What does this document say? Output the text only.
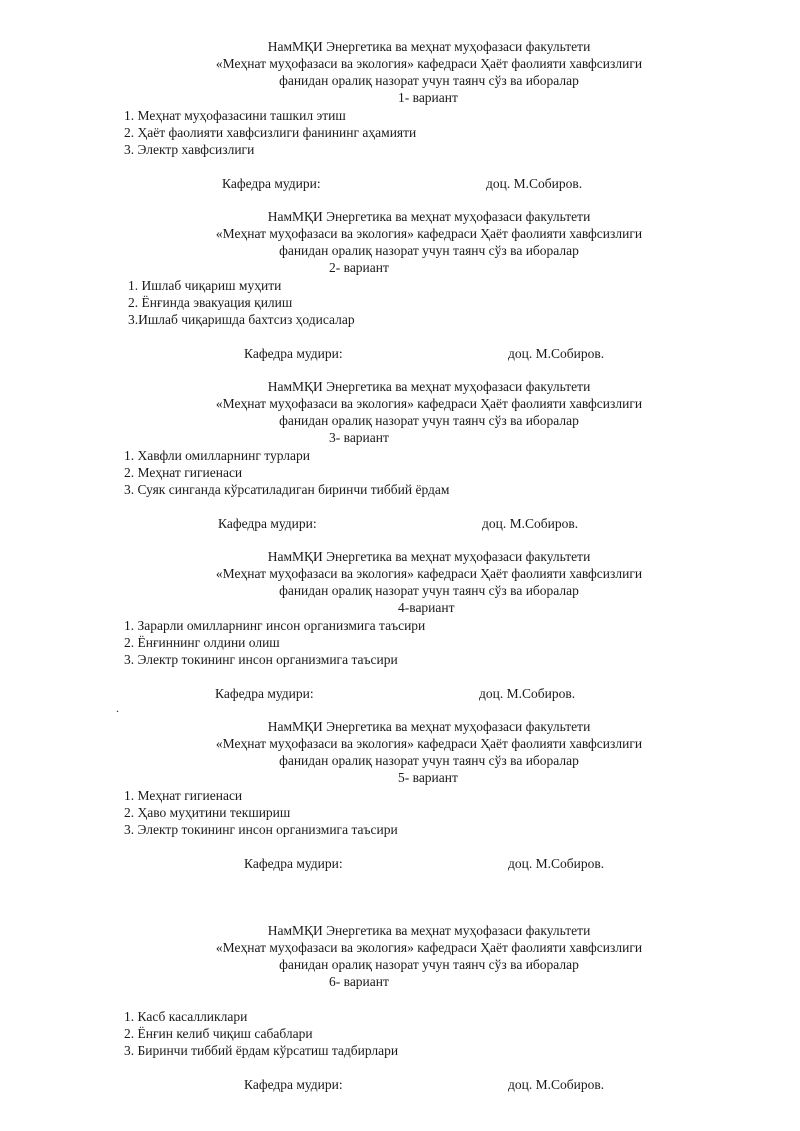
НамМҚИ Энергетика ва меҳнат муҳофазаси факультети
«Меҳнат муҳофазаси ва экология» кафедраси Ҳаёт фаолияти хавфсизлиги
фанидан оралиқ назорат учун таянч сўз ва иборалар
1- вариант
1. Меҳнат муҳофазасини ташкил этиш
2. Ҳаёт фаолияти хавфсизлиги фанининг аҳамияти
3. Электр хавфсизлиги
Кафедра мудири:	доц. М.Собиров.
НамМҚИ Энергетика ва меҳнат муҳофазаси факультети
«Меҳнат муҳофазаси ва экология» кафедраси Ҳаёт фаолияти хавфсизлиги
фанидан оралиқ назорат учун таянч сўз ва иборалар
2- вариант
1. Ишлаб чиқариш муҳити
2. Ёнғинда эвакуация қилиш
3.Ишлаб чиқаришда бахтсиз ҳодисалар
Кафедра мудири:	доц. М.Собиров.
НамМҚИ Энергетика ва меҳнат муҳофазаси факультети
«Меҳнат муҳофазаси ва экология» кафедраси Ҳаёт фаолияти хавфсизлиги
фанидан оралиқ назорат учун таянч сўз ва иборалар
3- вариант
1. Хавфли омилларнинг турлари
2. Меҳнат гигиенаси
3. Суяк синганда кўрсатиладиган биринчи тиббий ёрдам
Кафедра мудири:	доц. М.Собиров.
НамМҚИ Энергетика ва меҳнат муҳофазаси факультети
«Меҳнат муҳофазаси ва экология» кафедраси Ҳаёт фаолияти хавфсизлиги
фанидан оралиқ назорат учун таянч сўз ва иборалар
4-вариант
1. Зарарли омилларнинг инсон организмига таъсири
2. Ёнғиннинг олдини олиш
3. Электр токининг инсон организмига таъсири
Кафедра мудири:	доц. М.Собиров.
НамМҚИ Энергетика ва меҳнат муҳофазаси факультети
«Меҳнат муҳофазаси ва экология» кафедраси Ҳаёт фаолияти хавфсизлиги
фанидан оралиқ назорат учун таянч сўз ва иборалар
5- вариант
1. Меҳнат гигиенаси
2. Ҳаво муҳитини текшириш
3. Электр токининг инсон организмига таъсири
Кафедра мудири:	доц. М.Собиров.
НамМҚИ Энергетика ва меҳнат муҳофазаси факультети
«Меҳнат муҳофазаси ва экология» кафедраси Ҳаёт фаолияти хавфсизлиги
фанидан оралиқ назорат учун таянч сўз ва иборалар
6- вариант
1. Касб касалликлари
2. Ёнғин келиб чиқиш сабаблари
3. Биринчи тиббий ёрдам кўрсатиш тадбирлари
Кафедра мудири:	доц. М.Собиров.
.
